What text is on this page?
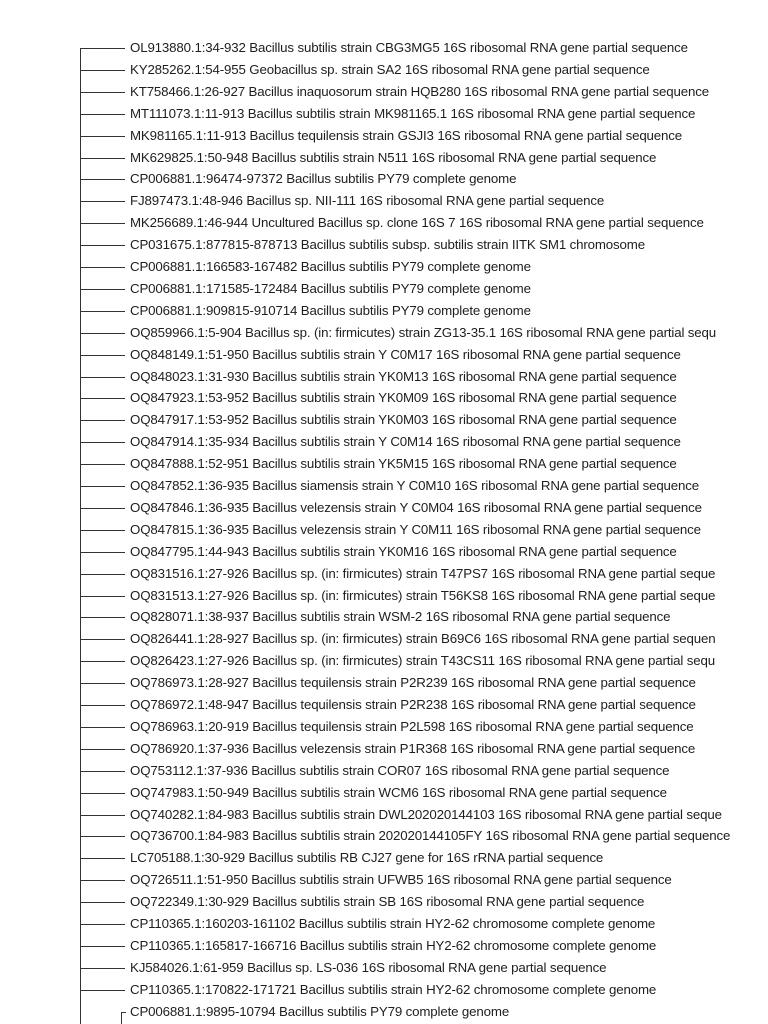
OL913880.1:34-932 Bacillus subtilis strain CBG3MG5 16S ribosomal RNA gene partial sequence
KY285262.1:54-955 Geobacillus sp. strain SA2 16S ribosomal RNA gene partial sequence
KT758466.1:26-927 Bacillus inaquosorum strain HQB280 16S ribosomal RNA gene partial sequence
MT111073.1:11-913 Bacillus subtilis strain MK981165.1 16S ribosomal RNA gene partial sequence
MK981165.1:11-913 Bacillus tequilensis strain GSJI3 16S ribosomal RNA gene partial sequence
MK629825.1:50-948 Bacillus subtilis strain N511 16S ribosomal RNA gene partial sequence
CP006881.1:96474-97372 Bacillus subtilis PY79 complete genome
FJ897473.1:48-946 Bacillus sp. NII-111 16S ribosomal RNA gene partial sequence
MK256689.1:46-944 Uncultured Bacillus sp. clone 16S 7 16S ribosomal RNA gene partial sequence
CP031675.1:877815-878713 Bacillus subtilis subsp. subtilis strain IITK SM1 chromosome
CP006881.1:166583-167482 Bacillus subtilis PY79 complete genome
CP006881.1:171585-172484 Bacillus subtilis PY79 complete genome
CP006881.1:909815-910714 Bacillus subtilis PY79 complete genome
OQ859966.1:5-904 Bacillus sp. (in: firmicutes) strain ZG13-35.1 16S ribosomal RNA gene partial sequ
OQ848149.1:51-950 Bacillus subtilis strain Y C0M17 16S ribosomal RNA gene partial sequence
OQ848023.1:31-930 Bacillus subtilis strain YK0M13 16S ribosomal RNA gene partial sequence
OQ847923.1:53-952 Bacillus subtilis strain YK0M09 16S ribosomal RNA gene partial sequence
OQ847917.1:53-952 Bacillus subtilis strain YK0M03 16S ribosomal RNA gene partial sequence
OQ847914.1:35-934 Bacillus subtilis strain Y C0M14 16S ribosomal RNA gene partial sequence
OQ847888.1:52-951 Bacillus subtilis strain YK5M15 16S ribosomal RNA gene partial sequence
OQ847852.1:36-935 Bacillus siamensis strain Y C0M10 16S ribosomal RNA gene partial sequence
OQ847846.1:36-935 Bacillus velezensis strain Y C0M04 16S ribosomal RNA gene partial sequence
OQ847815.1:36-935 Bacillus velezensis strain Y C0M11 16S ribosomal RNA gene partial sequence
OQ847795.1:44-943 Bacillus subtilis strain YK0M16 16S ribosomal RNA gene partial sequence
OQ831516.1:27-926 Bacillus sp. (in: firmicutes) strain T47PS7 16S ribosomal RNA gene partial seque
OQ831513.1:27-926 Bacillus sp. (in: firmicutes) strain T56KS8 16S ribosomal RNA gene partial seque
OQ828071.1:38-937 Bacillus subtilis strain WSM-2 16S ribosomal RNA gene partial sequence
OQ826441.1:28-927 Bacillus sp. (in: firmicutes) strain B69C6 16S ribosomal RNA gene partial sequen
OQ826423.1:27-926 Bacillus sp. (in: firmicutes) strain T43CS11 16S ribosomal RNA gene partial sequ
OQ786973.1:28-927 Bacillus tequilensis strain P2R239 16S ribosomal RNA gene partial sequence
OQ786972.1:48-947 Bacillus tequilensis strain P2R238 16S ribosomal RNA gene partial sequence
OQ786963.1:20-919 Bacillus tequilensis strain P2L598 16S ribosomal RNA gene partial sequence
OQ786920.1:37-936 Bacillus velezensis strain P1R368 16S ribosomal RNA gene partial sequence
OQ753112.1:37-936 Bacillus subtilis strain COR07 16S ribosomal RNA gene partial sequence
OQ747983.1:50-949 Bacillus subtilis strain WCM6 16S ribosomal RNA gene partial sequence
OQ740282.1:84-983 Bacillus subtilis strain DWL202020144103 16S ribosomal RNA gene partial seque
OQ736700.1:84-983 Bacillus subtilis strain 202020144105FY 16S ribosomal RNA gene partial sequence
LC705188.1:30-929 Bacillus subtilis RB CJ27 gene for 16S rRNA partial sequence
OQ726511.1:51-950 Bacillus subtilis strain UFWB5 16S ribosomal RNA gene partial sequence
OQ722349.1:30-929 Bacillus subtilis strain SB 16S ribosomal RNA gene partial sequence
CP110365.1:160203-161102 Bacillus subtilis strain HY2-62 chromosome complete genome
CP110365.1:165817-166716 Bacillus subtilis strain HY2-62 chromosome complete genome
KJ584026.1:61-959 Bacillus sp. LS-036 16S ribosomal RNA gene partial sequence
CP110365.1:170822-171721 Bacillus subtilis strain HY2-62 chromosome complete genome
CP006881.1:9895-10794 Bacillus subtilis PY79 complete genome
